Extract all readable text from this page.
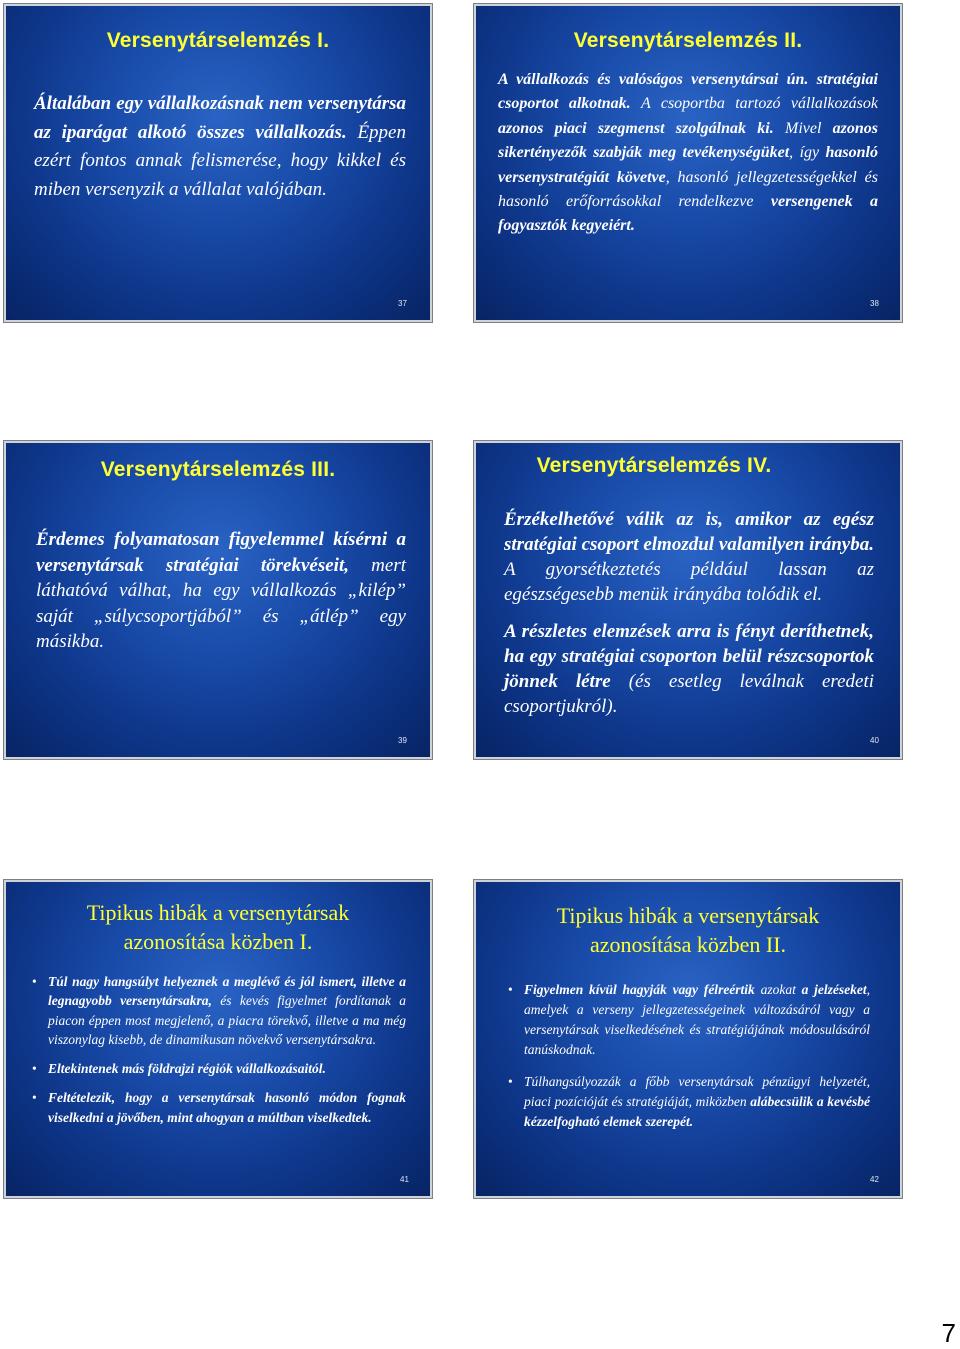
Versenytárselemzés I.
Általában egy vállalkozásnak nem versenytársa az iparágat alkotó összes vállalkozás. Éppen ezért fontos annak felismerése, hogy kikkel és miben versenyzik a vállalat valójában.
37
Versenytárselemzés II.
A vállalkozás és valóságos versenytársai ún. stratégiai csoportot alkotnak. A csoportba tartozó vállalkozások azonos piaci szegmenst szolgálnak ki. Mivel azonos sikertényezők szabják meg tevékenységüket, így hasonló versenystratégiát követve, hasonló jellegzetességekkel és hasonló erőforrásokkal rendelkezve versengenek a fogyasztók kegyeiért.
38
Versenytárselemzés III.
Érdemes folyamatosan figyelemmel kísérni a versenytársak stratégiai törekvéseit, mert láthatóvá válhat, ha egy vállalkozás „kilép” saját „súlycsoportjából” és „átlép” egy másikba.
39
Versenytárselemzés IV.
Érzékelhetővé válik az is, amikor az egész stratégiai csoport elmozdul valamilyen irányba. A gyorsétkeztetés például lassan az egészségesebb menük irányába tolódik el.
A részletes elemzések arra is fényt deríthetnek, ha egy stratégiai csoporton belül részcsoportok jönnek létre (és esetleg leválnak eredeti csoportjukról).
40
Tipikus hibák a versenytársak
azonosítása közben I.
• Túl nagy hangsúlyt helyeznek a meglévő és jól ismert, illetve a legnagyobb versenytársakra, és kevés figyelmet fordítanak a piacon éppen most megjelenő, a piacra törekvő, illetve a ma még viszonylag kisebb, de dinamikusan növekvő versenytársakra.
• Eltekintenek más földrajzi régiók vállalkozásaitól.
• Feltételezik, hogy a versenytársak hasonló módon fognak viselkedni a jövőben, mint ahogyan a múltban viselkedtek.
41
Tipikus hibák a versenytársak
azonosítása közben II.
• Figyelmen kívül hagyják vagy félreértik azokat a jelzéseket, amelyek a verseny jellegzetességeinek változásáról vagy a versenytársak viselkedésének és stratégiájának módosulásáról tanúskodnak.
• Túlhangsúlyozzák a főbb versenytársak pénzügyi helyzetét, piaci pozícióját és stratégiáját, miközben alábecsülik a kevésbé kézzelfogható elemek szerepét.
42
7
